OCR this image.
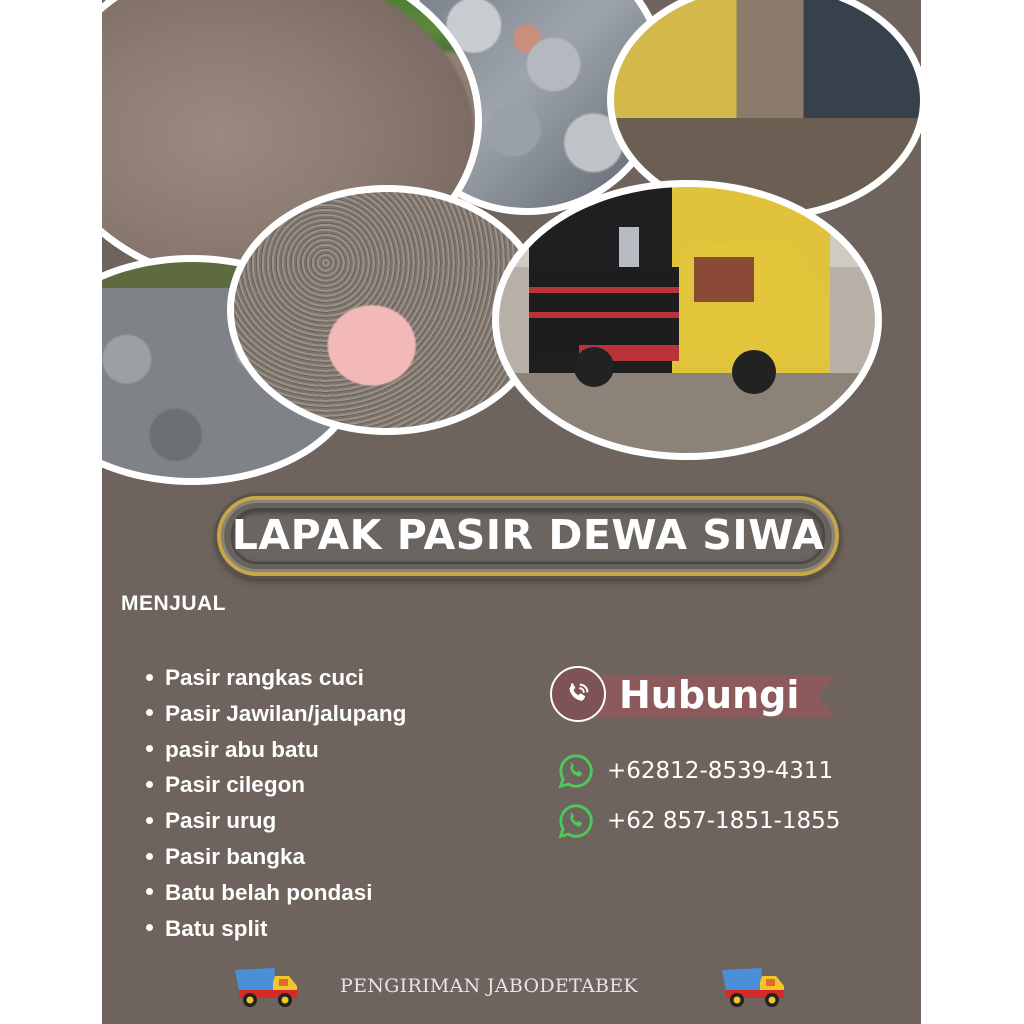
LAPAK PASIR DEWA SIWA
MENJUAL
Pasir rangkas cuci
Pasir Jawilan/jalupang
pasir abu batu
Pasir cilegon
Pasir urug
Pasir bangka
Batu belah pondasi
Batu split
Hubungi
+62812-8539-4311
+62 857-1851-1855
PENGIRIMAN JABODETABEK
